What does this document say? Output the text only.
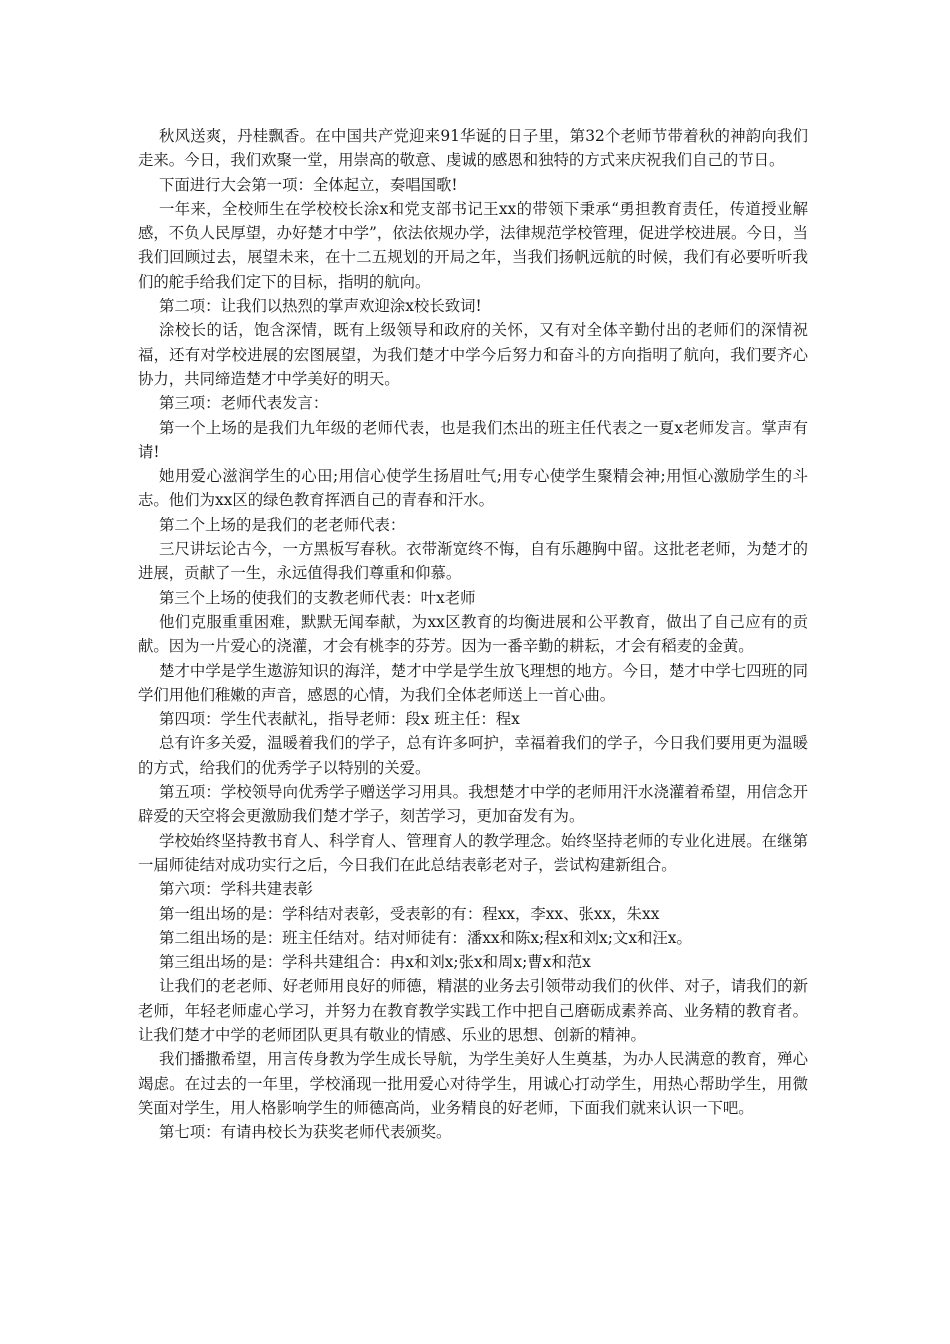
秋风送爽，丹桂飘香。在中国共产党迎来91华诞的日子里，第32个老师节带着秋的神韵向我们走来。今日，我们欢聚一堂，用崇高的敬意、虔诚的感恩和独特的方式来庆祝我们自己的节日。

下面进行大会第一项：全体起立，奏唱国歌!

一年来，全校师生在学校校长涂x和党支部书记王xx的带领下秉承“勇担教育责任，传道授业解感，不负人民厚望，办好楚才中学”，依法依规办学，法律规范学校管理，促进学校进展。今日，当我们回顾过去，展望未来，在十二五规划的开局之年，当我们扬帆远航的时候，我们有必要听听我们的舵手给我们定下的目标，指明的航向。

第二项：让我们以热烈的掌声欢迎涂x校长致词!

涂校长的话，饱含深情，既有上级领导和政府的关怀，又有对全体辛勤付出的老师们的深情祝福，还有对学校进展的宏图展望，为我们楚才中学今后努力和奋斗的方向指明了航向，我们要齐心协力，共同缔造楚才中学美好的明天。

第三项：老师代表发言：

第一个上场的是我们九年级的老师代表，也是我们杰出的班主任代表之一夏x老师发言。掌声有请!

她用爱心滋润学生的心田;用信心使学生扬眉吐气;用专心使学生聚精会神;用恒心激励学生的斗志。他们为xx区的绿色教育挥洒自己的青春和汗水。

第二个上场的是我们的老老师代表：

三尺讲坛论古今，一方黑板写春秋。衣带渐宽终不悔，自有乐趣胸中留。这批老老师，为楚才的进展，贡献了一生，永远值得我们尊重和仰慕。

第三个上场的使我们的支教老师代表：叶x老师

他们克服重重困难，默默无闻奉献，为xx区教育的均衡进展和公平教育，做出了自己应有的贡献。因为一片爱心的浇灌，才会有桃李的芬芳。因为一番辛勤的耕耘，才会有稻麦的金黄。

楚才中学是学生遨游知识的海洋，楚才中学是学生放飞理想的地方。今日，楚才中学七四班的同学们用他们稚嫩的声音，感恩的心情，为我们全体老师送上一首心曲。

第四项：学生代表献礼，指导老师：段x 班主任：程x

总有许多关爱，温暖着我们的学子，总有许多呵护，幸福着我们的学子，今日我们要用更为温暖的方式，给我们的优秀学子以特别的关爱。

第五项：学校领导向优秀学子赠送学习用具。我想楚才中学的老师用汗水浇灌着希望，用信念开辟爱的天空将会更激励我们楚才学子，刻苦学习，更加奋发有为。

学校始终坚持教书育人、科学育人、管理育人的教学理念。始终坚持老师的专业化进展。在继第一届师徒结对成功实行之后，今日我们在此总结表彰老对子，尝试构建新组合。

第六项：学科共建表彰

第一组出场的是：学科结对表彰，受表彰的有：程xx，李xx、张xx，朱xx

第二组出场的是：班主任结对。结对师徒有：潘xx和陈x;程x和刘x;文x和汪x。

第三组出场的是：学科共建组合：冉x和刘x;张x和周x;曹x和范x

让我们的老老师、好老师用良好的师德，精湛的业务去引领带动我们的伙伴、对子，请我们的新老师，年轻老师虚心学习，并努力在教育教学实践工作中把自己磨砺成素养高、业务精的教育者。让我们楚才中学的老师团队更具有敬业的情感、乐业的思想、创新的精神。

我们播撒希望，用言传身教为学生成长导航，为学生美好人生奠基，为办人民满意的教育，殚心竭虑。在过去的一年里，学校涌现一批用爱心对待学生，用诚心打动学生，用热心帮助学生，用微笑面对学生，用人格影响学生的师德高尚，业务精良的好老师，下面我们就来认识一下吧。

第七项：有请冉校长为获奖老师代表颁奖。
